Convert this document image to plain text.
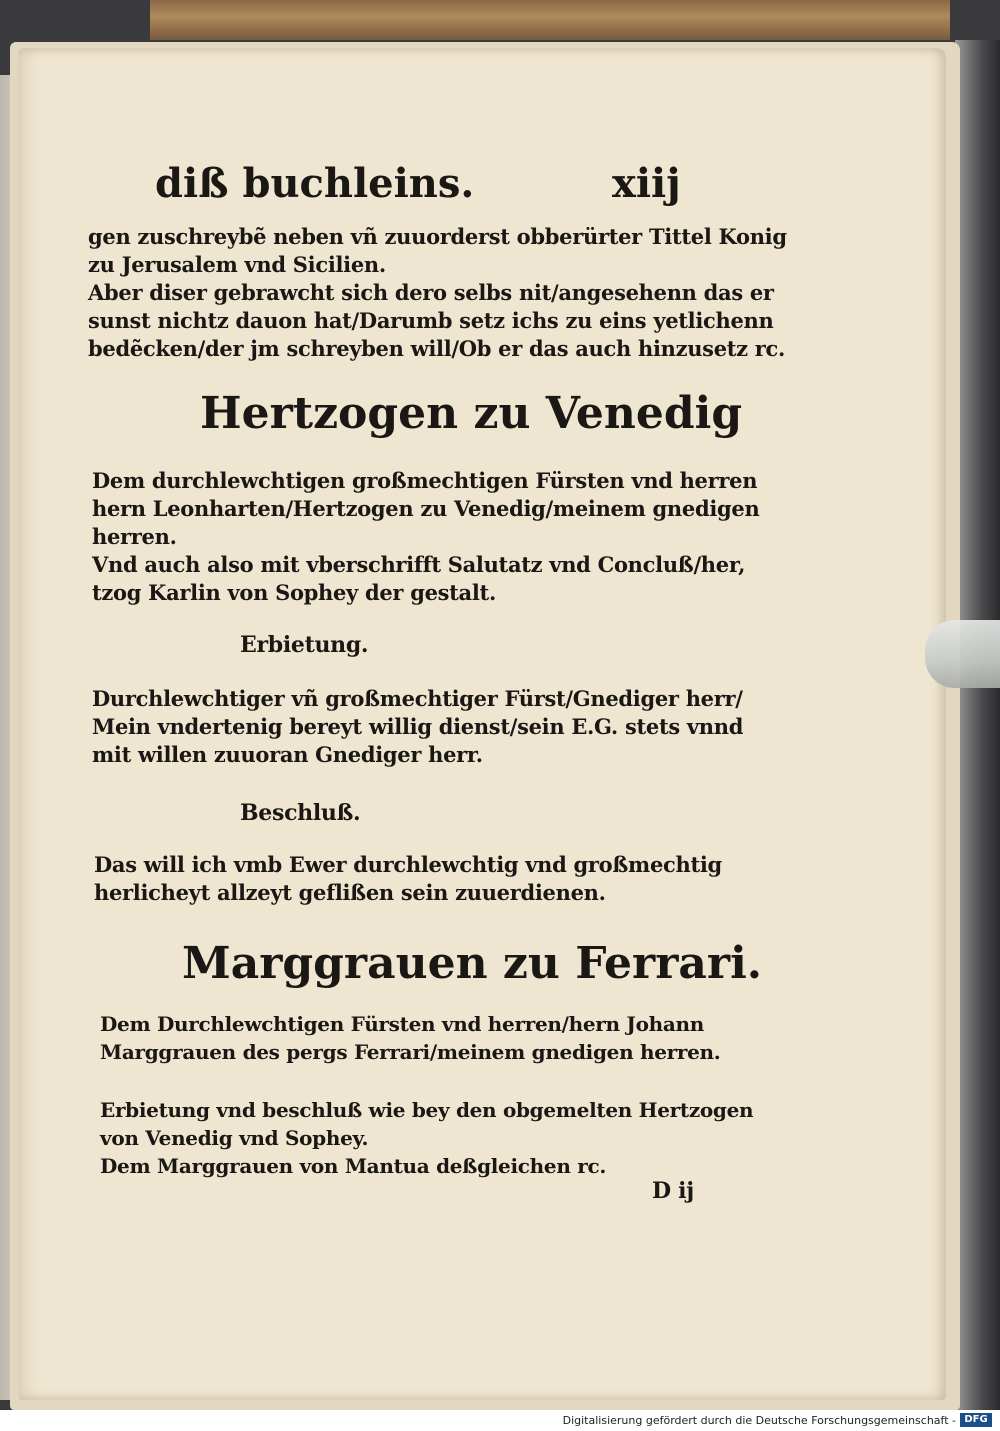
diß buchleins.	xiij
gen zuschreybẽ neben vñ zuuorderst obberürter Tittel Konig
zu Jerusalem vnd Sicilien.
Aber diser gebrawcht sich dero selbs nit/angesehenn das er
sunst nichtz dauon hat/Darumb setz ichs zu eins yetlichenn
bedẽcken/der jm schreyben will/Ob er das auch hinzusetz rc.
Hertzogen zu Venedig
Dem durchlewchtigen großmechtigen Fürsten vnd herren
hern Leonharten/Hertzogen zu Venedig/meinem gnedigen
herren.
Vnd auch also mit vberschrifft Salutatz vnd Concluß/her,
tzog Karlin von Sophey der gestalt.
Erbietung.
Durchlewchtiger vñ großmechtiger Fürst/Gnediger herr/
Mein vndertenig bereyt willig dienst/sein E.G. stets vnnd
mit willen zuuoran Gnediger herr.
Beschluß.
Das will ich vmb Ewer durchlewchtig vnd großmechtig
herlicheyt allzeyt geflißen sein zuuerdienen.
Marggrauen zu Ferrari.
Dem Durchlewchtigen Fürsten vnd herren/hern Johann
Marggrauen des pergs Ferrari/meinem gnedigen herren.
Erbietung vnd beschluß wie bey den obgemelten Hertzogen
von Venedig vnd Sophey.
Dem Marggrauen von Mantua deßgleichen rc.
D ij
Digitalisierung gefördert durch die Deutsche Forschungsgemeinschaft - DFG
